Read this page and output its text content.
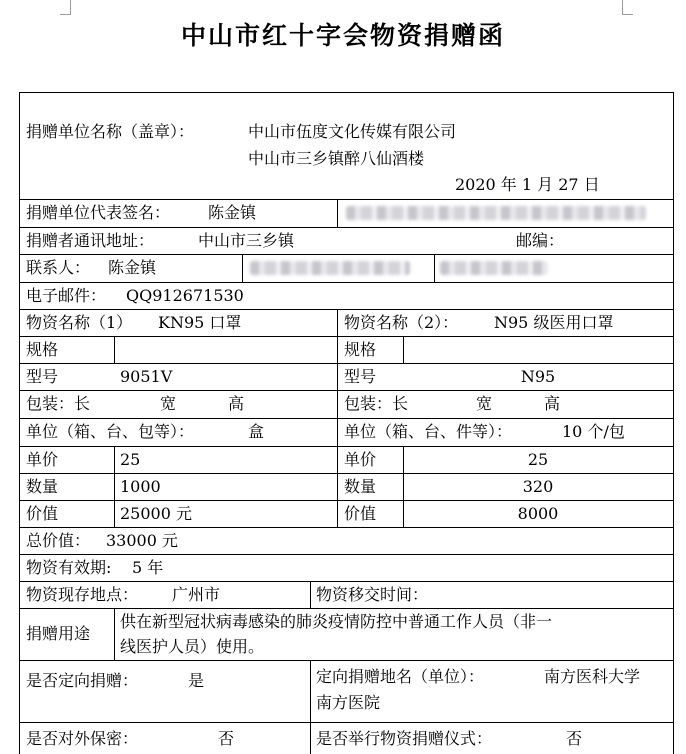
中山市红十字会物资捐赠函
捐赠单位名称（盖章）：	中山市伍度文化传媒有限公司
中山市三乡镇醉八仙酒楼
2020 年 1 月 27 日
捐赠单位代表签名： 陈金镇
捐赠者通讯地址：	中山市三乡镇	邮编：
联系人： 陈金镇
电子邮件： QQ912671530
物资名称（1） KN95 口罩	物资名称（2）： N95 级医用口罩
规格	规格
型号	9051V	型号	N95
包装：长	宽	高	包装：长	宽	高
单位（箱、台、包等）：	盒	单位（箱、台、件等）：	10 个/包
单价	25	单价	25
数量	1000	数量	320
价值	25000 元	价值	8000
总价值： 33000 元
物资有效期: 5 年
物资现存地点： 广州市	物资移交时间：
捐赠用途
供在新型冠状病毒感染的肺炎疫情防控中普通工作人员（非一
线医护人员）使用。
是否定向捐赠：	是	定向捐赠地名（单位）：	南方医科大学
南方医院
是否对外保密：	否	是否举行物资捐赠仪式：	否
